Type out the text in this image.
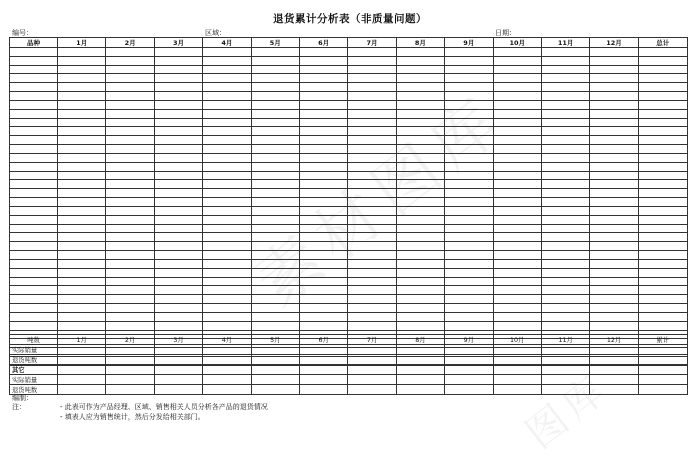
素材图库
图库
退货累计分析表（非质量问题）
编号：	区域：	日期：
品种	1月	2月	3月	4月	5月	6月	7月	8月	9月	10月	11月	12月	总计

吨数	1月	2月	3月	4月	5月	6月	7月	8月	9月	10月	11月	12月	累计
实际销量													
退货吨数													
其它													
实际销量													
退货吨数													
编制：
注：	- 此表可作为产品经理、区域、销售相关人员分析各产品的退货情况
- 填表人应为销售统计，然后分发给相关部门。
